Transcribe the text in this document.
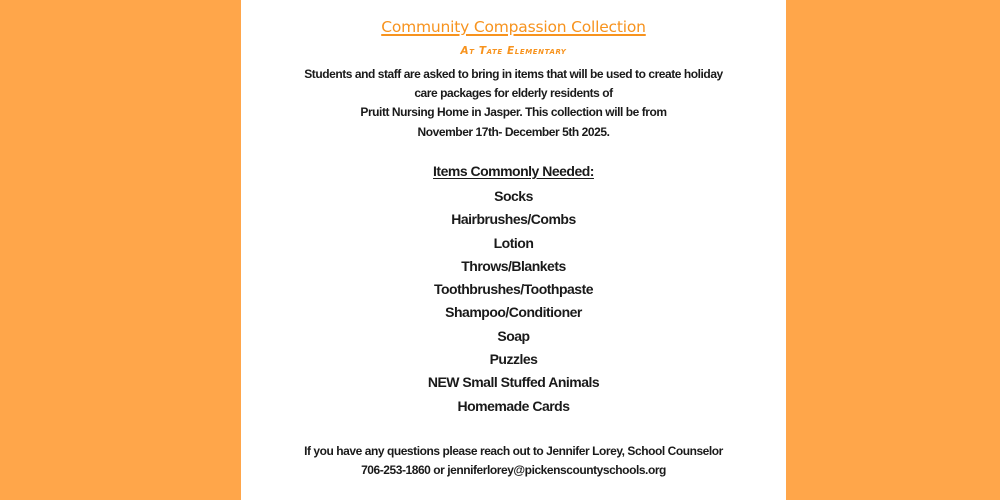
Community Compassion Collection
At Tate Elementary
Students and staff are asked to bring in items that will be used to create holiday
care packages for elderly residents of
Pruitt Nursing Home in Jasper. This collection will be from
November 17th- December 5th 2025.
Items Commonly Needed:
Socks
Hairbrushes/Combs
Lotion
Throws/Blankets
Toothbrushes/Toothpaste
Shampoo/Conditioner
Soap
Puzzles
NEW Small Stuffed Animals
Homemade Cards
If you have any questions please reach out to Jennifer Lorey, School Counselor
706-253-1860 or jenniferlorey@pickenscountyschools.org
